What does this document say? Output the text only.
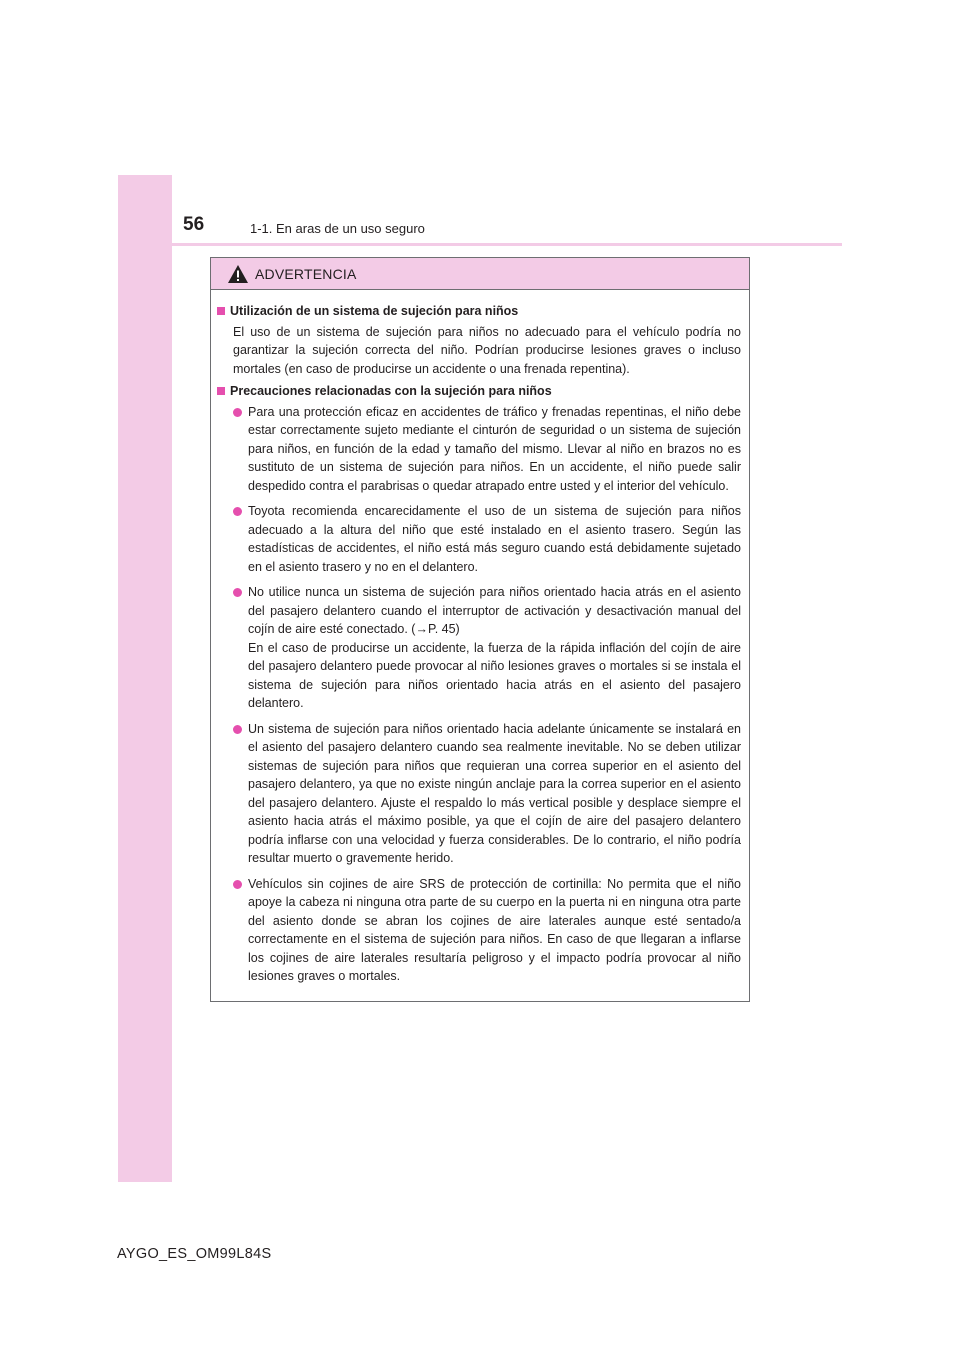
56	1-1. En aras de un uso seguro
ADVERTENCIA
Utilización de un sistema de sujeción para niños
El uso de un sistema de sujeción para niños no adecuado para el vehículo podría no garantizar la sujeción correcta del niño. Podrían producirse lesiones graves o incluso mortales (en caso de producirse un accidente o una frenada repentina).
Precauciones relacionadas con la sujeción para niños
Para una protección eficaz en accidentes de tráfico y frenadas repentinas, el niño debe estar correctamente sujeto mediante el cinturón de seguridad o un sistema de sujeción para niños, en función de la edad y tamaño del mismo. Llevar al niño en brazos no es sustituto de un sistema de sujeción para niños. En un accidente, el niño puede salir despedido contra el parabrisas o quedar atrapado entre usted y el interior del vehículo.
Toyota recomienda encarecidamente el uso de un sistema de sujeción para niños adecuado a la altura del niño que esté instalado en el asiento trasero. Según las estadísticas de accidentes, el niño está más seguro cuando está debidamente sujetado en el asiento trasero y no en el delantero.
No utilice nunca un sistema de sujeción para niños orientado hacia atrás en el asiento del pasajero delantero cuando el interruptor de activación y desactivación manual del cojín de aire esté conectado. (→P. 45)
En el caso de producirse un accidente, la fuerza de la rápida inflación del cojín de aire del pasajero delantero puede provocar al niño lesiones graves o mortales si se instala el sistema de sujeción para niños orientado hacia atrás en el asiento del pasajero delantero.
Un sistema de sujeción para niños orientado hacia adelante únicamente se instalará en el asiento del pasajero delantero cuando sea realmente inevitable. No se deben utilizar sistemas de sujeción para niños que requieran una correa superior en el asiento del pasajero delantero, ya que no existe ningún anclaje para la correa superior en el asiento del pasajero delantero. Ajuste el respaldo lo más vertical posible y desplace siempre el asiento hacia atrás el máximo posible, ya que el cojín de aire del pasajero delantero podría inflarse con una velocidad y fuerza considerables. De lo contrario, el niño podría resultar muerto o gravemente herido.
Vehículos sin cojines de aire SRS de protección de cortinilla: No permita que el niño apoye la cabeza ni ninguna otra parte de su cuerpo en la puerta ni en ninguna otra parte del asiento donde se abran los cojines de aire laterales aunque esté sentado/a correctamente en el sistema de sujeción para niños. En caso de que llegaran a inflarse los cojines de aire laterales resultaría peligroso y el impacto podría provocar al niño lesiones graves o mortales.
AYGO_ES_OM99L84S
